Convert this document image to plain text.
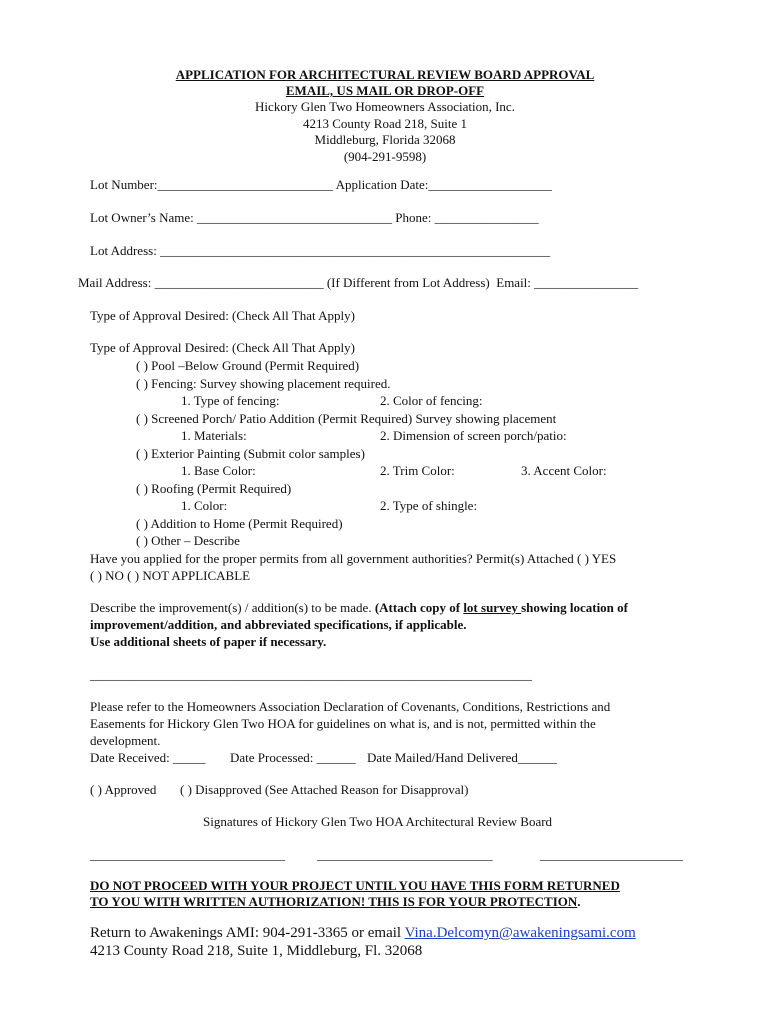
APPLICATION FOR ARCHITECTURAL REVIEW BOARD APPROVAL
EMAIL, US MAIL OR DROP-OFF
Hickory Glen Two Homeowners Association, Inc.
4213 County Road 218, Suite 1
Middleburg, Florida 32068
(904-291-9598)
Lot Number:___________________________ Application Date:___________________
Lot Owner’s Name: ______________________________ Phone: ________________
Lot Address: ____________________________________________________________
Mail Address: __________________________ (If Different from Lot Address) Email: ________________
Type of Approval Desired: (Check All That Apply)
Type of Approval Desired: (Check All That Apply)
( ) Pool –Below Ground (Permit Required)
( ) Fencing: Survey showing placement required.
1. Type of fencing:	2. Color of fencing:
( ) Screened Porch/ Patio Addition (Permit Required) Survey showing placement
1. Materials:	2. Dimension of screen porch/patio:
( ) Exterior Painting (Submit color samples)
1. Base Color:	2. Trim Color:	3. Accent Color:
( ) Roofing (Permit Required)
1. Color:	2. Type of shingle:
( ) Addition to Home (Permit Required)
( ) Other – Describe
Have you applied for the proper permits from all government authorities? Permit(s) Attached ( ) YES
( ) NO ( ) NOT APPLICABLE
Describe the improvement(s) / addition(s) to be made. (Attach copy of lot survey showing location of
improvement/addition, and abbreviated specifications, if applicable.
Use additional sheets of paper if necessary.
____________________________________________________________________
Please refer to the Homeowners Association Declaration of Covenants, Conditions, Restrictions and
Easements for Hickory Glen Two HOA for guidelines on what is, and is not, permitted within the
development.
Date Received: _____ Date Processed: ______ Date Mailed/Hand Delivered______
( ) Approved ( ) Disapproved (See Attached Reason for Disapproval)
Signatures of Hickory Glen Two HOA Architectural Review Board
______________________________ ___________________________	______________________
DO NOT PROCEED WITH YOUR PROJECT UNTIL YOU HAVE THIS FORM RETURNED
TO YOU WITH WRITTEN AUTHORIZATION! THIS IS FOR YOUR PROTECTION.
Return to Awakenings AMI: 904-291-3365 or email Vina.Delcomyn@awakeningsami.com
4213 County Road 218, Suite 1, Middleburg, Fl. 32068
